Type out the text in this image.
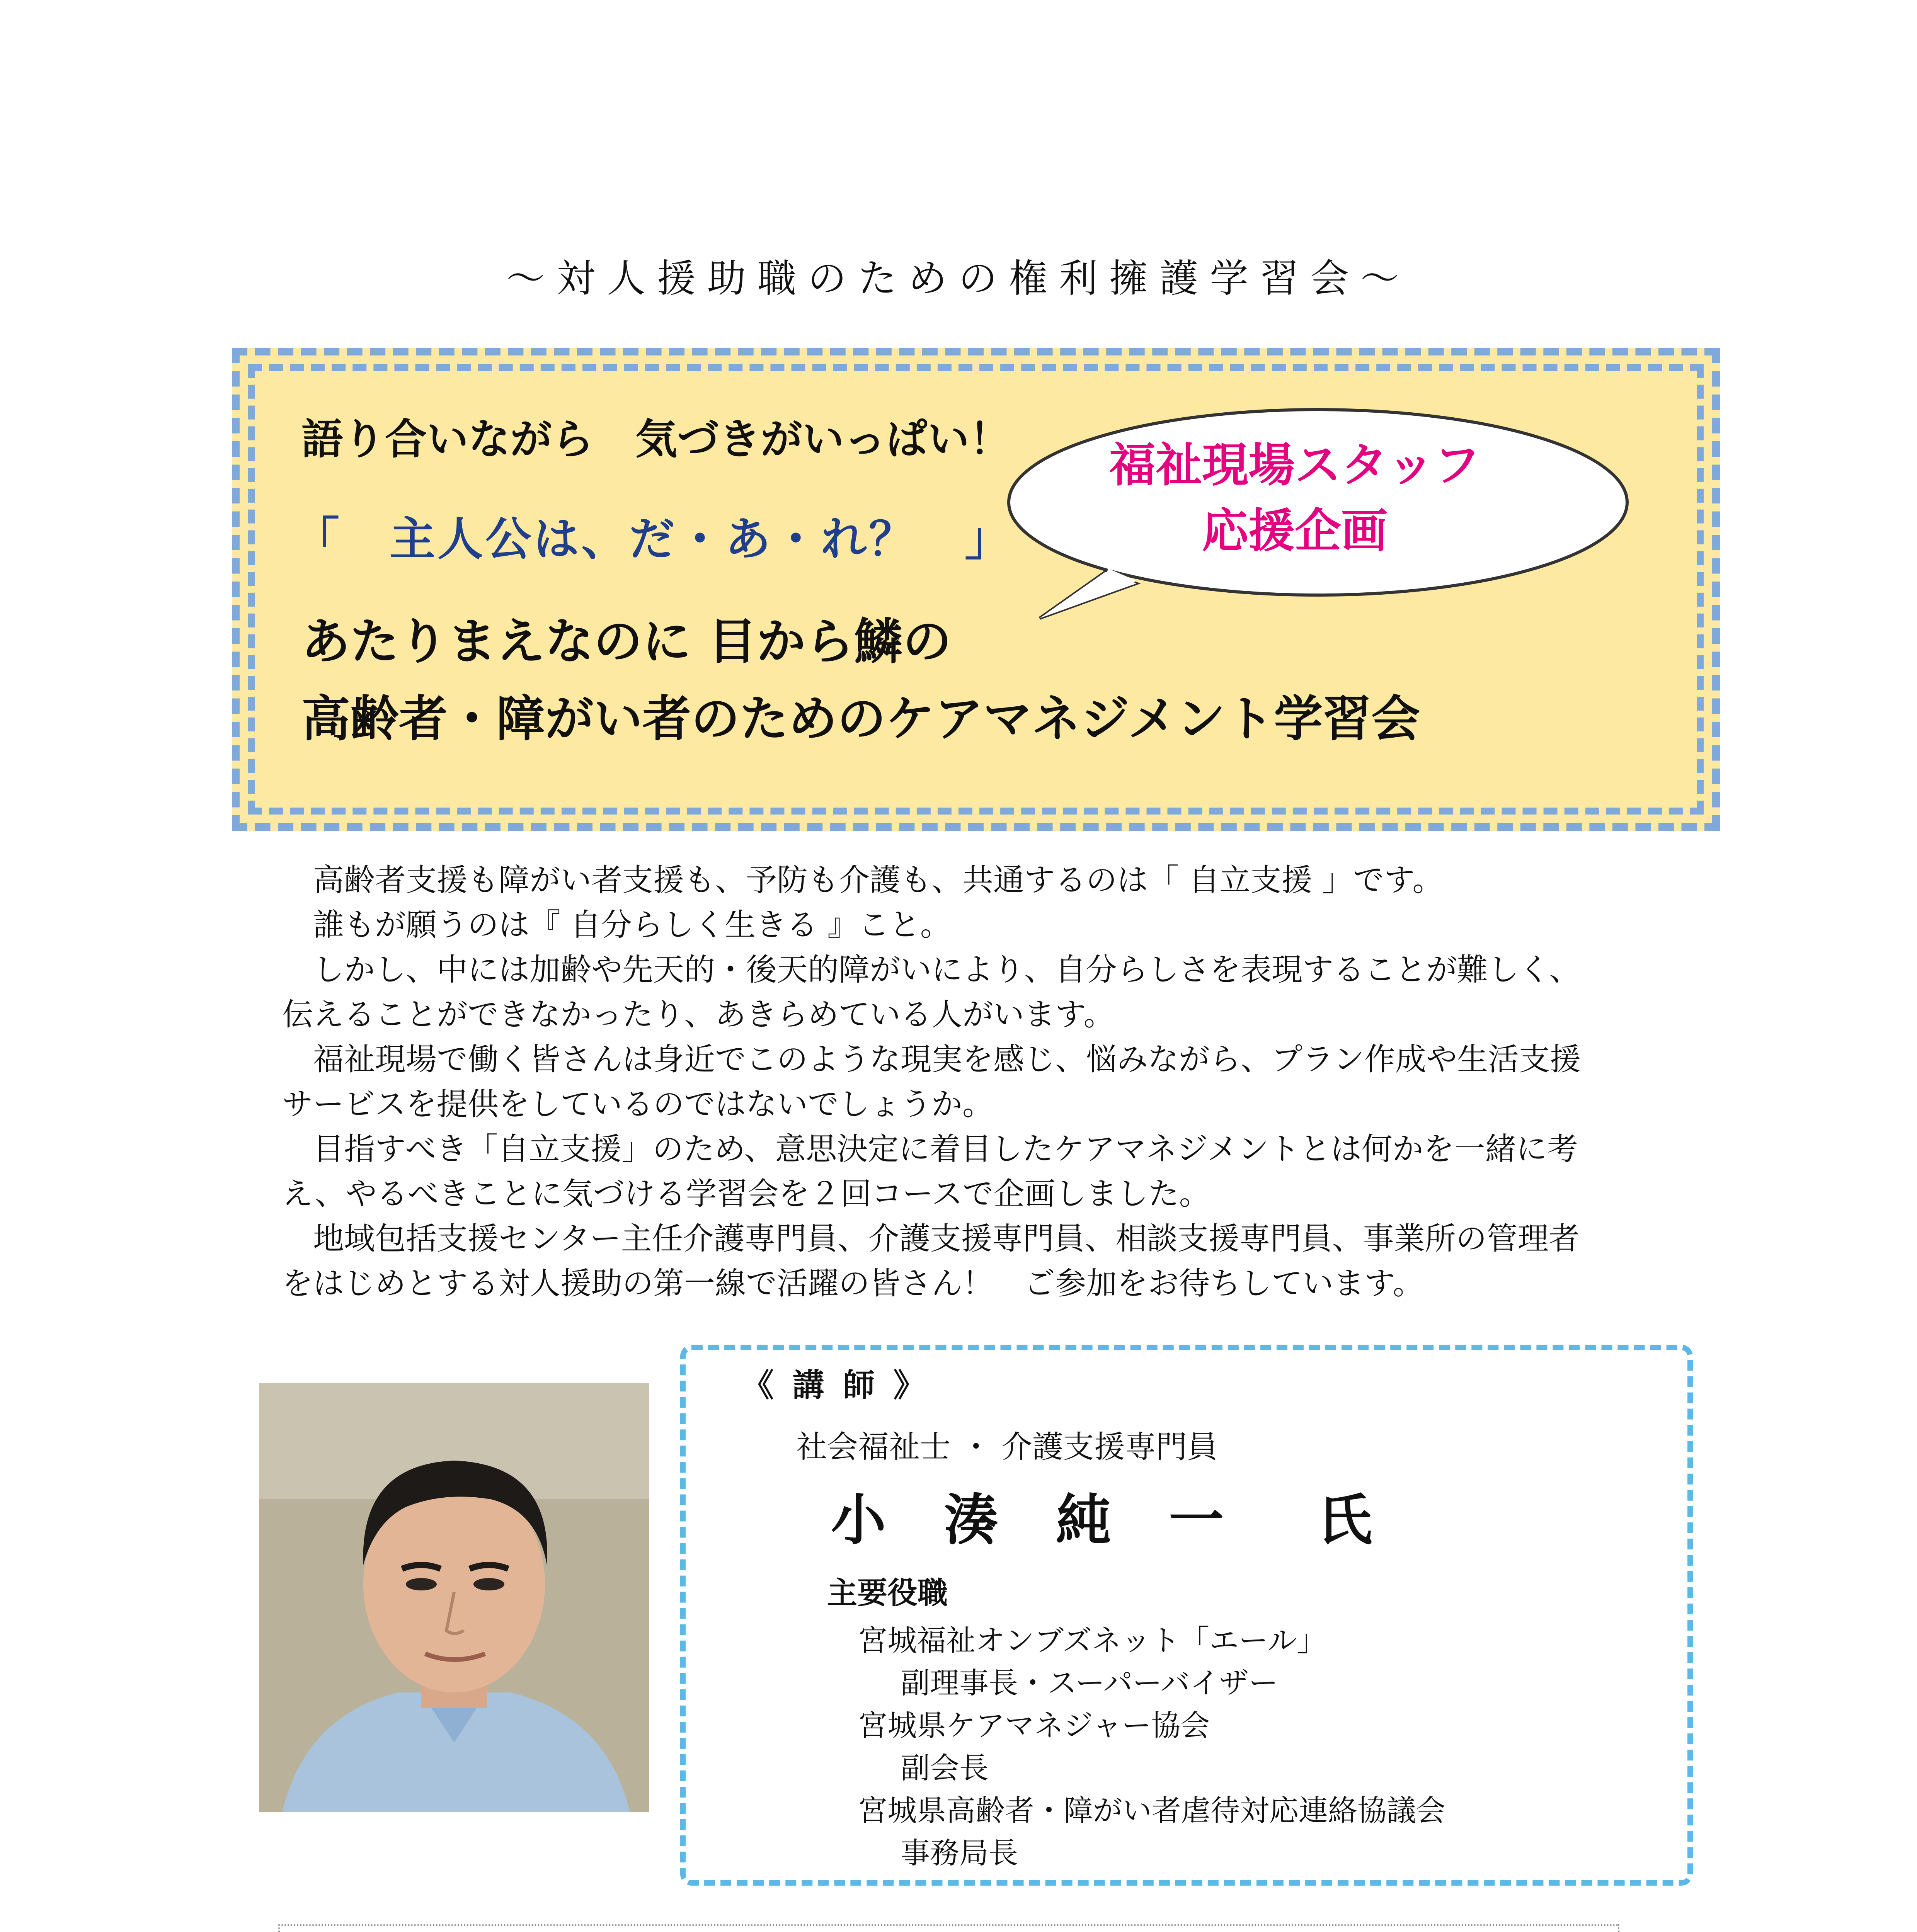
～対人援助職のための権利擁護学習会～
語り合いながら　気づきがいっぱい！
「　主人公は、だ・あ・れ？　」
あたりまえなのに 目から鱗の
高齢者・障がい者のためのケアマネジメント学習会
福祉現場スタッフ
応援企画

　高齢者支援も障がい者支援も、予防も介護も、共通するのは「 自立支援 」です。

　誰もが願うのは『 自分らしく生きる 』こと。

　しかし、中には加齢や先天的・後天的障がいにより、自分らしさを表現することが難しく、

伝えることができなかったり、あきらめている人がいます。

　福祉現場で働く皆さんは身近でこのような現実を感じ、悩みながら、プラン作成や生活支援

サービスを提供をしているのではないでしょうか。

　目指すべき「自立支援」のため、意思決定に着目したケアマネジメントとは何かを一緒に考

え、やるべきことに気づける学習会を２回コースで企画しました。

　地域包括支援センター主任介護専門員、介護支援専門員、相談支援専門員、事業所の管理者

をはじめとする対人援助の第一線で活躍の皆さん！　ご参加をお待ちしています。

《 講 師 》
社会福祉士 ・ 介護支援専門員
小 湊 純 一　氏
主要役職
宮城福祉オンブズネット「エール」
副理事長・スーパーバイザー
宮城県ケアマネジャー協会
副会長
宮城県高齢者・障がい者虐待対応連絡協議会
事務局長
